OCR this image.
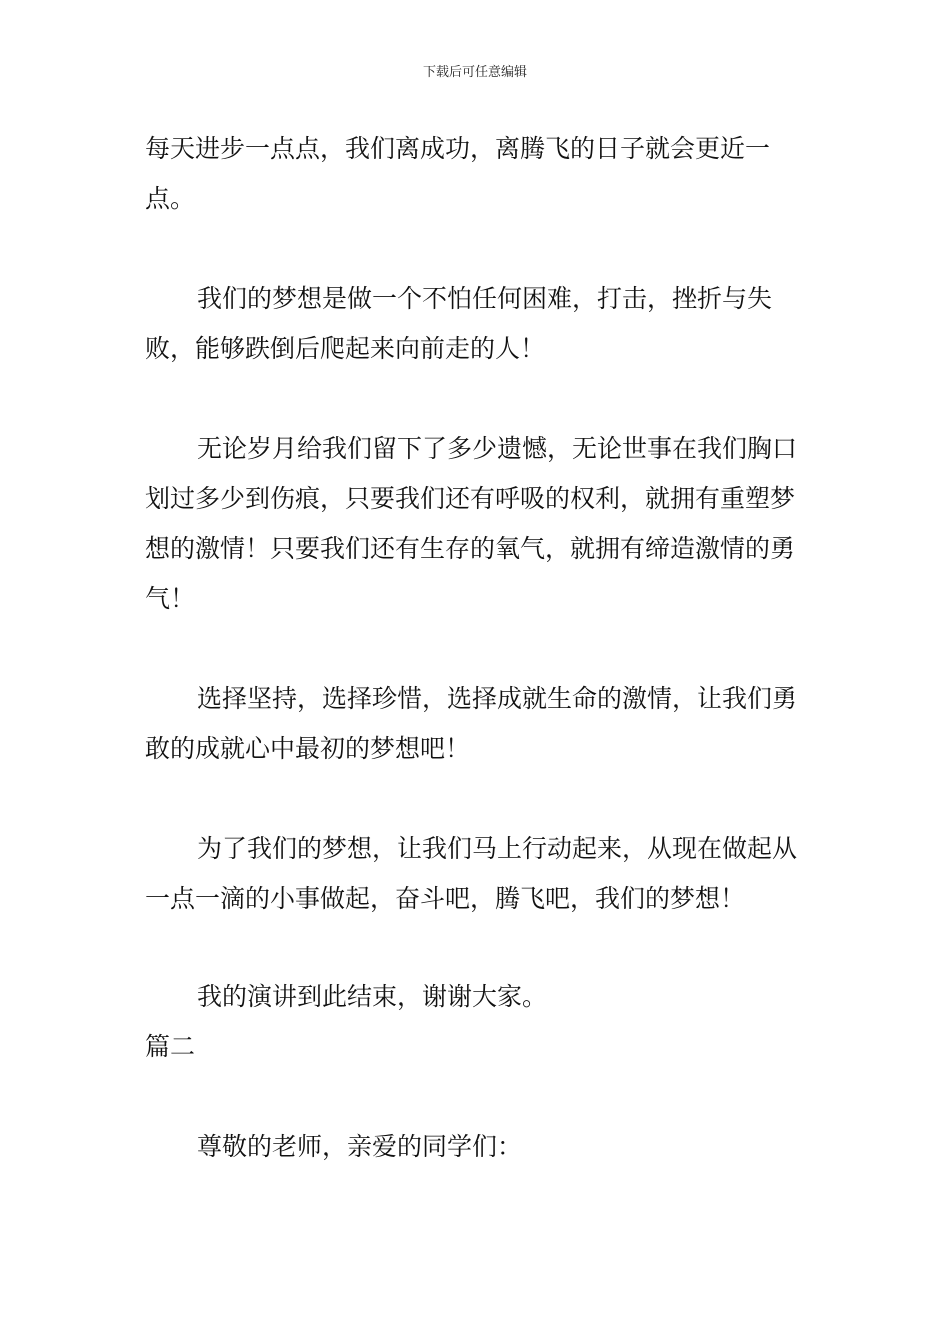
下载后可任意编辑

每天进步一点点，我们离成功，离腾飞的日子就会更近一点。

我们的梦想是做一个不怕任何困难，打击，挫折与失败，能够跌倒后爬起来向前走的人！

无论岁月给我们留下了多少遗憾，无论世事在我们胸口划过多少到伤痕，只要我们还有呼吸的权利，就拥有重塑梦想的激情！只要我们还有生存的氧气，就拥有缔造激情的勇气！

选择坚持，选择珍惜，选择成就生命的激情，让我们勇敢的成就心中最初的梦想吧！

为了我们的梦想，让我们马上行动起来，从现在做起从一点一滴的小事做起，奋斗吧，腾飞吧，我们的梦想！

我的演讲到此结束，谢谢大家。

篇二

尊敬的老师，亲爱的同学们：
